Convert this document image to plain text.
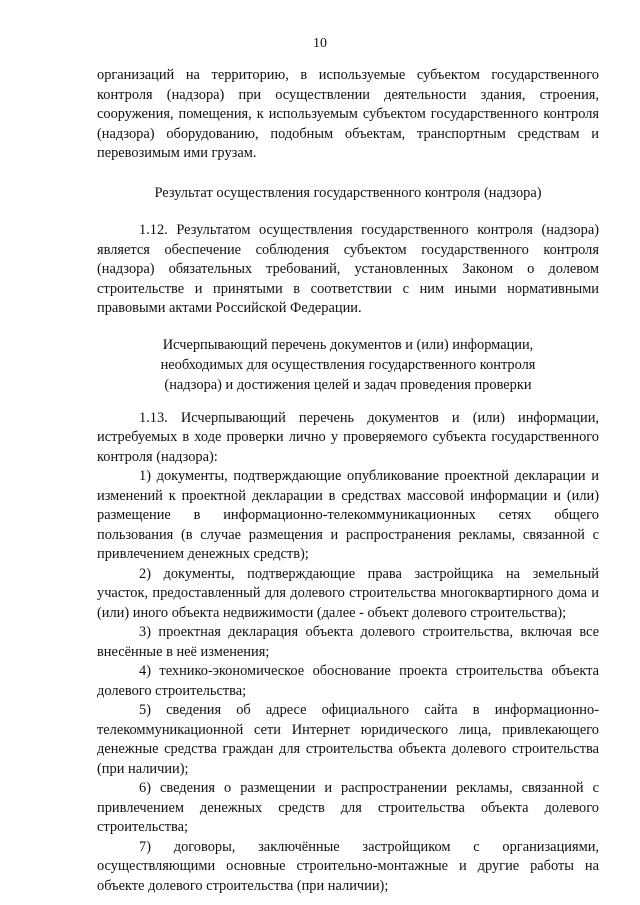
10

организаций на территорию, в используемые субъектом государственного контроля (надзора) при осуществлении деятельности здания, строения, сооружения, помещения, к используемым субъектом государственного контроля (надзора) оборудованию, подобным объектам, транспортным средствам и перевозимым ими грузам.

Результат осуществления государственного контроля (надзора)

1.12. Результатом осуществления государственного контроля (надзора) является обеспечение соблюдения субъектом государственного контроля (надзора) обязательных требований, установленных Законом о долевом строительстве и принятыми в соответствии с ним иными нормативными правовыми актами Российской Федерации.

Исчерпывающий перечень документов и (или) информации,
необходимых для осуществления государственного контроля
(надзора) и достижения целей и задач проведения проверки

1.13. Исчерпывающий перечень документов и (или) информации, истребуемых в ходе проверки лично у проверяемого субъекта государственного контроля (надзора):

1) документы, подтверждающие опубликование проектной декларации и изменений к проектной декларации в средствах массовой информации и (или) размещение в информационно-телекоммуникационных сетях общего пользования (в случае размещения и распространения рекламы, связанной с привлечением денежных средств);

2) документы, подтверждающие права застройщика на земельный участок, предоставленный для долевого строительства многоквартирного дома и (или) иного объекта недвижимости (далее - объект долевого строительства);

3) проектная декларация объекта долевого строительства, включая все внесённые в неё изменения;

4) технико-экономическое обоснование проекта строительства объекта долевого строительства;

5) сведения об адресе официального сайта в информационно-телекоммуникационной сети Интернет юридического лица, привлекающего денежные средства граждан для строительства объекта долевого строительства (при наличии);

6) сведения о размещении и распространении рекламы, связанной с привлечением денежных средств для строительства объекта долевого строительства;

7) договоры, заключённые застройщиком с организациями, осуществляющими основные строительно-монтажные и другие работы на объекте долевого строительства (при наличии);
